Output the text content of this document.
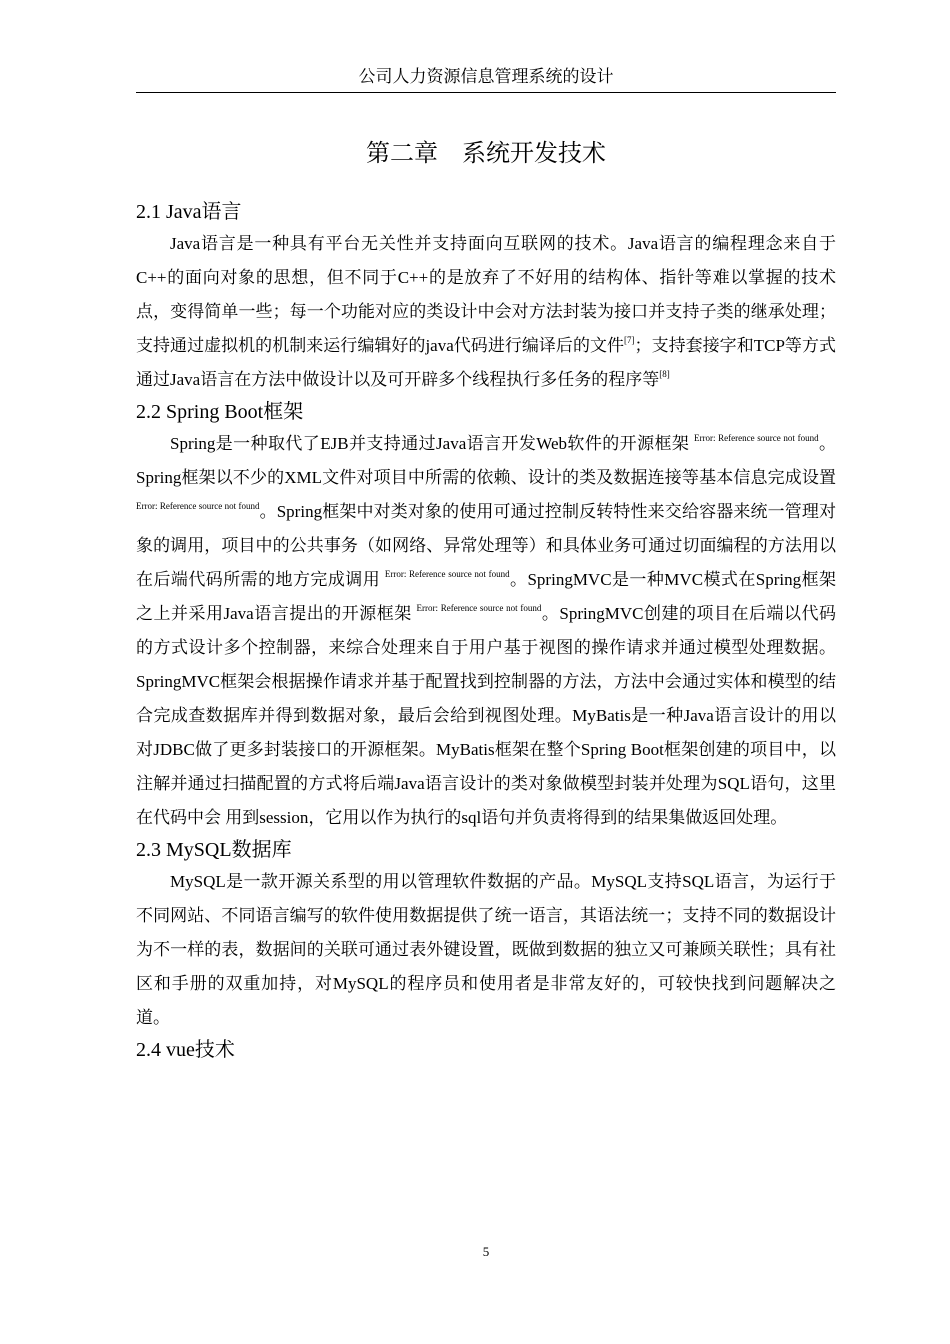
公司人力资源信息管理系统的设计
第二章　系统开发技术
2.1 Java语言

Java语言是一种具有平台无关性并支持面向互联网的技术。Java语言的编程理念来自于C++的面向对象的思想，但不同于C++的是放弃了不好用的结构体、指针等难以掌握的技术点，变得简单一些；每一个功能对应的类设计中会对方法封装为接口并支持子类的继承处理；支持通过虚拟机的机制来运行编辑好的java代码进行编译后的文件[7]；支持套接字和TCP等方式通过Java语言在方法中做设计以及可开辟多个线程执行多任务的程序等[8]

2.2 Spring Boot框架

Spring是一种取代了EJB并支持通过Java语言开发Web软件的开源框架 $^{Error: Reference source not found}$。Spring框架以不少的XML文件对项目中所需的依赖、设计的类及数据连接等基本信息完成设置 $^{Error: Reference source not found}$。Spring框架中对类对象的使用可通过控制反转特性来交给容器来统一管理对象的调用，项目中的公共事务（如网络、异常处理等）和具体业务可通过切面编程的方法用以在后端代码所需的地方完成调用 $^{Error: Reference source not found}$。SpringMVC是一种MVC模式在Spring框架之上并采用Java语言提出的开源框架 $^{Error: Reference source not found}$。SpringMVC创建的项目在后端以代码的方式设计多个控制器，来综合处理来自于用户基于视图的操作请求并通过模型处理数据。SpringMVC框架会根据操作请求并基于配置找到控制器的方法，方法中会通过实体和模型的结合完成查数据库并得到数据对象，最后会给到视图处理。MyBatis是一种Java语言设计的用以对JDBC做了更多封装接口的开源框架。MyBatis框架在整个Spring Boot框架创建的项目中，以注解并通过扫描配置的方式将后端Java语言设计的类对象做模型封装并处理为SQL语句，这里在代码中会 用到session，它用以作为执行的sql语句并负责将得到的结果集做返回处理。

2.3 MySQL数据库

MySQL是一款开源关系型的用以管理软件数据的产品。MySQL支持SQL语言，为运行于不同网站、不同语言编写的软件使用数据提供了统一语言，其语法统一；支持不同的数据设计为不一样的表，数据间的关联可通过表外键设置，既做到数据的独立又可兼顾关联性；具有社区和手册的双重加持，对MySQL的程序员和使用者是非常友好的，可较快找到问题解决之道。

2.4 vue技术
5
